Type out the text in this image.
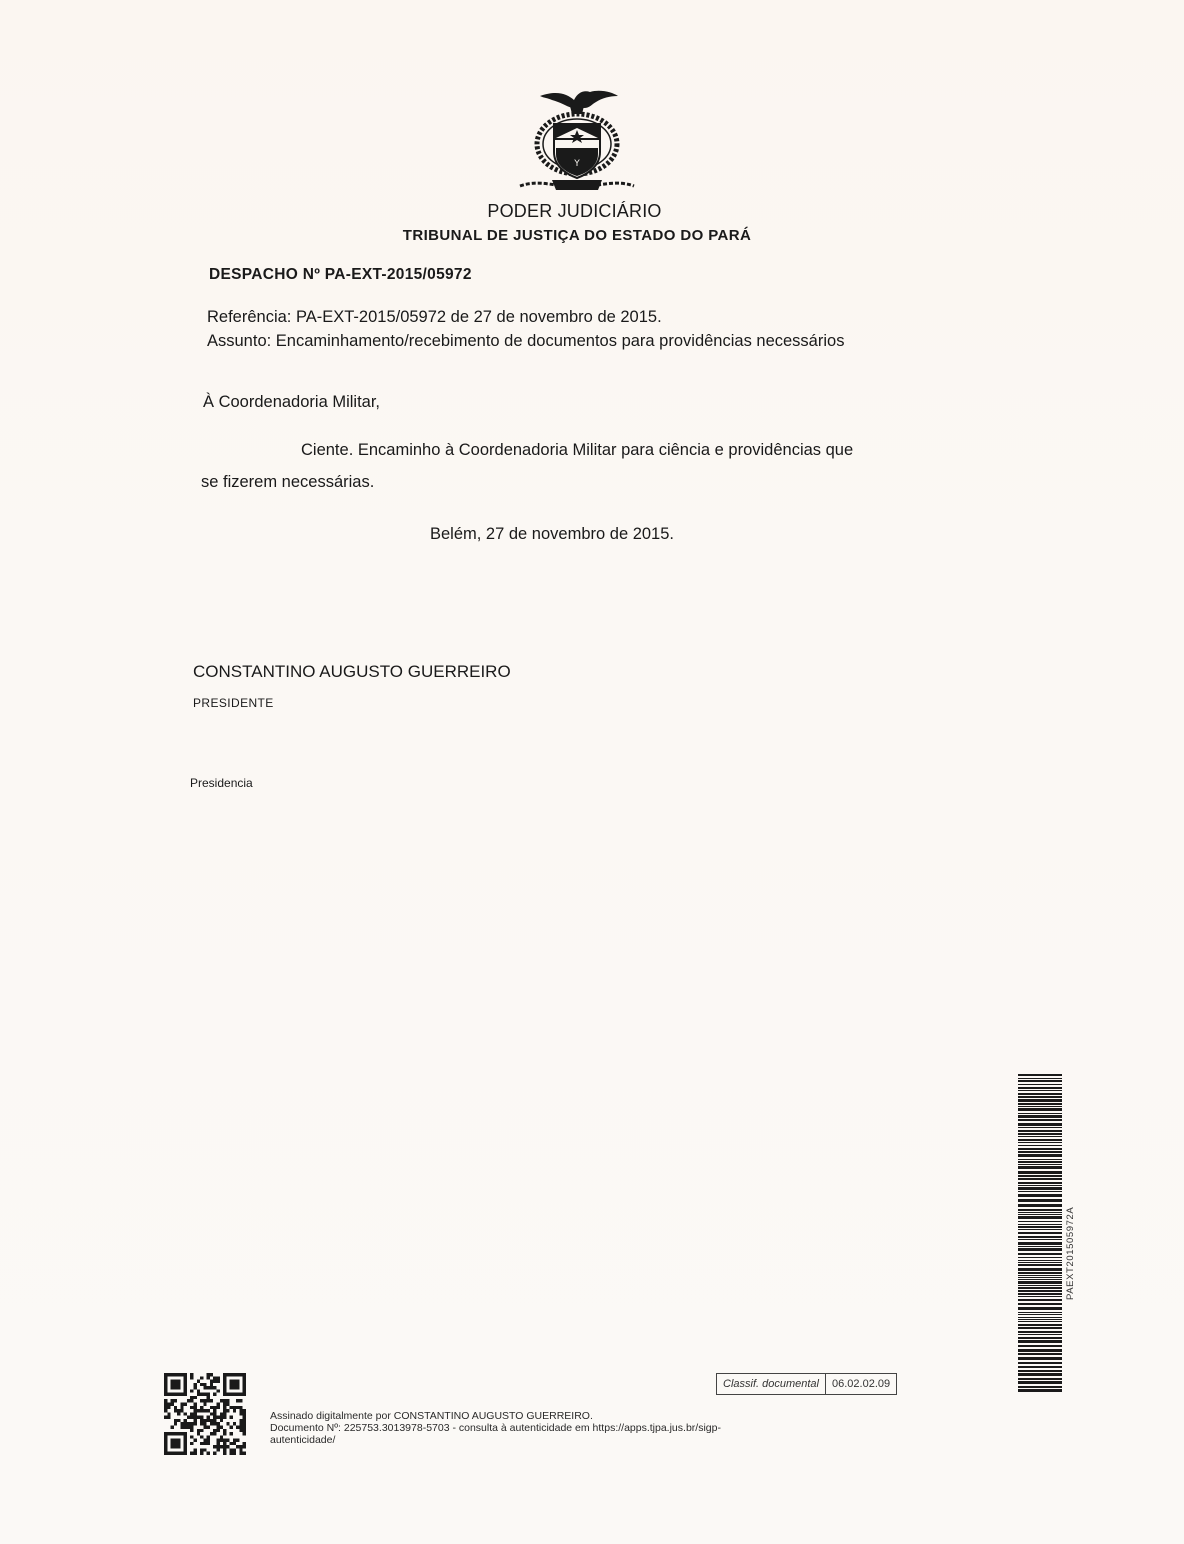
Y
PODER JUDICIÁRIO
TRIBUNAL DE JUSTIÇA DO ESTADO DO PARÁ
DESPACHO Nº PA-EXT-2015/05972
Referência: PA-EXT-2015/05972 de 27 de novembro de 2015.
Assunto: Encaminhamento/recebimento de documentos para providências necessários
À Coordenadoria Militar,
Ciente. Encaminho à Coordenadoria Militar para ciência e providências que
se fizerem necessárias.
Belém, 27 de novembro de 2015.
CONSTANTINO AUGUSTO GUERREIRO
PRESIDENTE
Presidencia
PAEXT201505972A
Classif. documental	06.02.02.09
Assinado digitalmente por CONSTANTINO AUGUSTO GUERREIRO.
Documento Nº: 225753.3013978-5703 - consulta à autenticidade em https://apps.tjpa.jus.br/sigp-
autenticidade/
